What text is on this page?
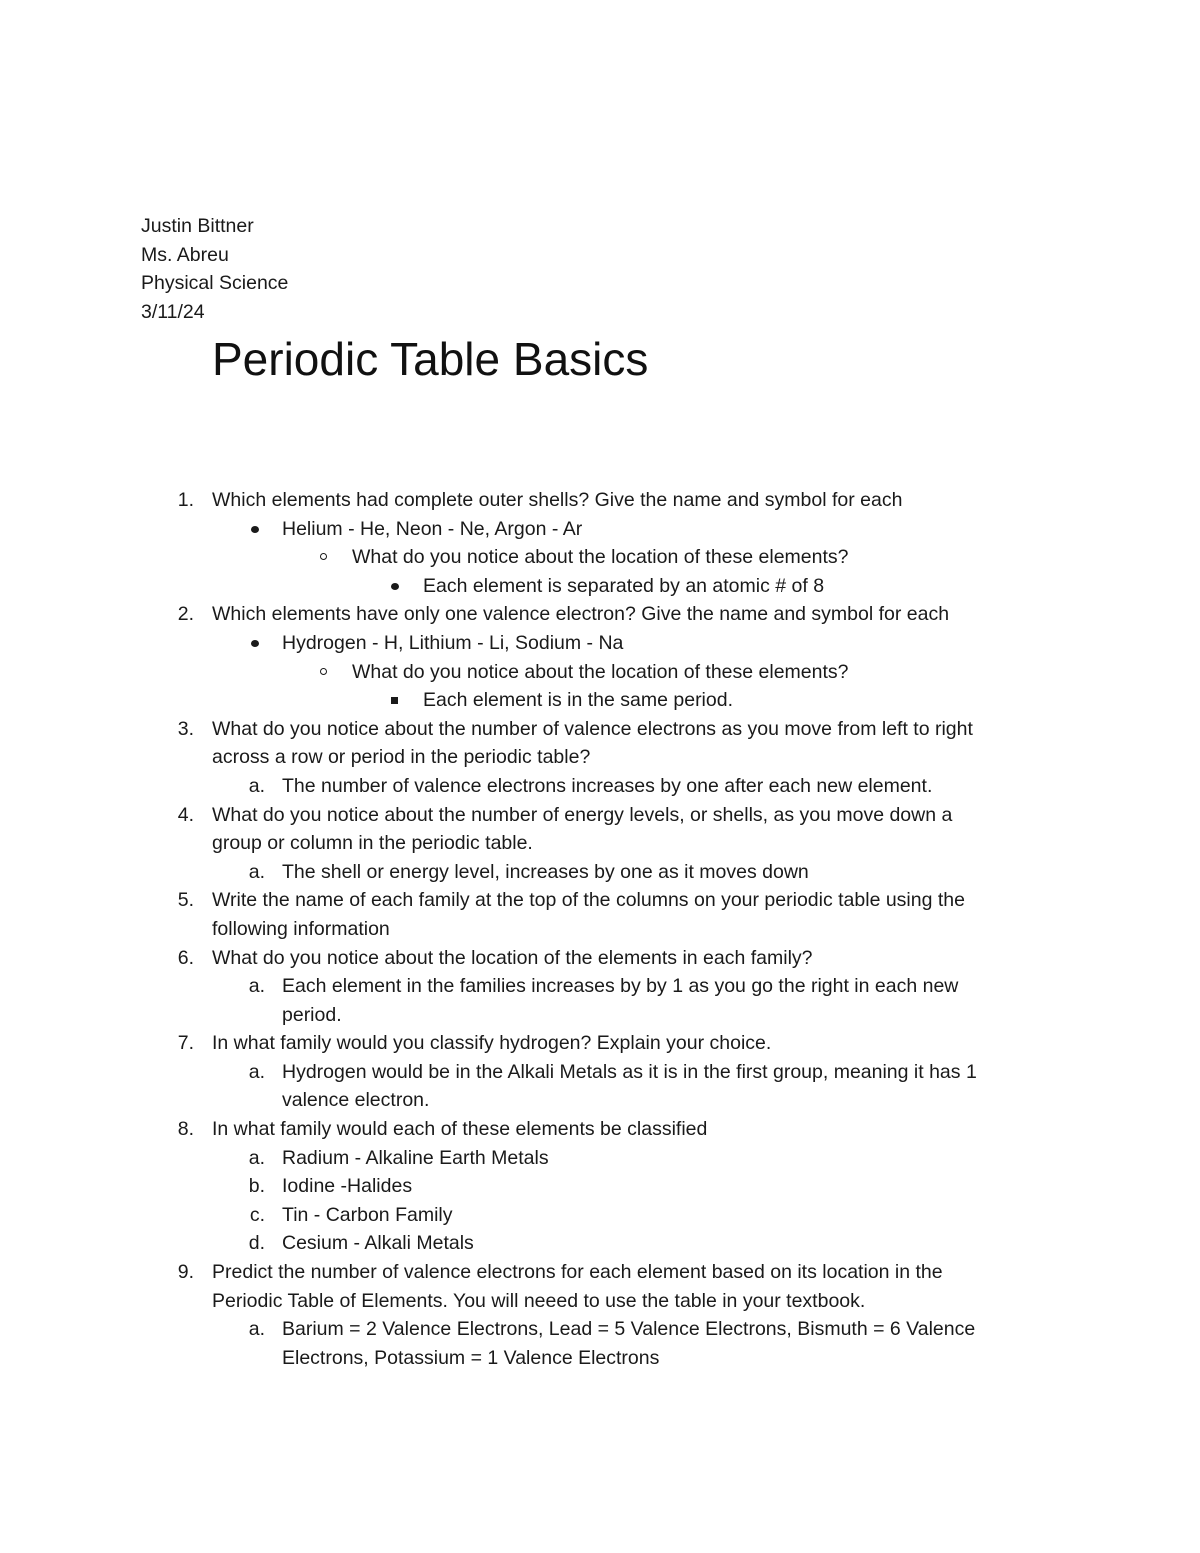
Justin Bittner
Ms. Abreu
Physical Science
3/11/24
Periodic Table Basics
1. Which elements had complete outer shells? Give the name and symbol for each
Helium - He, Neon - Ne, Argon - Ar
What do you notice about the location of these elements?
Each element is separated by an atomic # of 8
2. Which elements have only one valence electron? Give the name and symbol for each
Hydrogen - H, Lithium - Li, Sodium - Na
What do you notice about the location of these elements?
Each element is in the same period.
3. What do you notice about the number of valence electrons as you move from left to right
across a row or period in the periodic table?
a. The number of valence electrons increases by one after each new element.
4. What do you notice about the number of energy levels, or shells, as you move down a
group or column in the periodic table.
a. The shell or energy level, increases by one as it moves down
5. Write the name of each family at the top of the columns on your periodic table using the
following information
6. What do you notice about the location of the elements in each family?
a. Each element in the families increases by by 1 as you go the right in each new
period.
7. In what family would you classify hydrogen? Explain your choice.
a. Hydrogen would be in the Alkali Metals as it is in the first group, meaning it has 1
valence electron.
8. In what family would each of these elements be classified
a. Radium - Alkaline Earth Metals
b. Iodine -Halides
c. Tin - Carbon Family
d. Cesium - Alkali Metals
9. Predict the number of valence electrons for each element based on its location in the
Periodic Table of Elements. You will neeed to use the table in your textbook.
a. Barium = 2 Valence Electrons, Lead = 5 Valence Electrons, Bismuth = 6 Valence
Electrons, Potassium = 1 Valence Electrons
